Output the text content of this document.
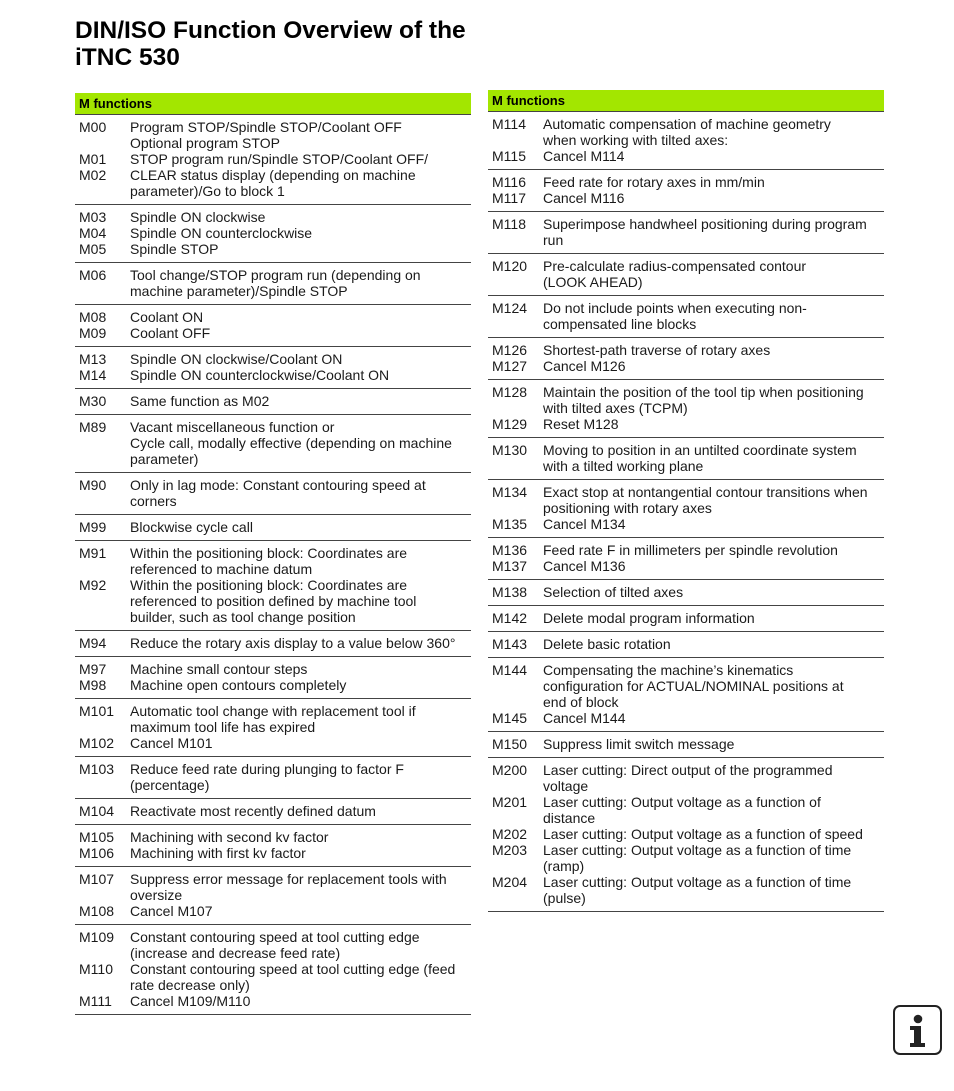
DIN/ISO Function Overview of the
iTNC 530
M functions
M00	Program STOP/Spindle STOP/Coolant OFF
Optional program STOP
M01	STOP program run/Spindle STOP/Coolant OFF/
M02	CLEAR status display (depending on machine
parameter)/Go to block 1
M03	Spindle ON clockwise
M04	Spindle ON counterclockwise
M05	Spindle STOP
M06	Tool change/STOP program run (depending on
machine parameter)/Spindle STOP
M08	Coolant ON
M09	Coolant OFF
M13	Spindle ON clockwise/Coolant ON
M14	Spindle ON counterclockwise/Coolant ON
M30	Same function as M02
M89	Vacant miscellaneous function or
Cycle call, modally effective (depending on machine
parameter)
M90	Only in lag mode: Constant contouring speed at
corners
M99	Blockwise cycle call
M91	Within the positioning block: Coordinates are
referenced to machine datum
M92	Within the positioning block: Coordinates are
referenced to position defined by machine tool
builder, such as tool change position
M94	Reduce the rotary axis display to a value below 360°
M97	Machine small contour steps
M98	Machine open contours completely
M101	Automatic tool change with replacement tool if
maximum tool life has expired
M102	Cancel M101
M103	Reduce feed rate during plunging to factor F
(percentage)
M104	Reactivate most recently defined datum
M105	Machining with second kv factor
M106	Machining with first kv factor
M107	Suppress error message for replacement tools with
oversize
M108	Cancel M107
M109	Constant contouring speed at tool cutting edge
(increase and decrease feed rate)
M110	Constant contouring speed at tool cutting edge (feed
rate decrease only)
M111	Cancel M109/M110
M functions
M114	Automatic compensation of machine geometry
when working with tilted axes:
M115	Cancel M114
M116	Feed rate for rotary axes in mm/min
M117	Cancel M116
M118	Superimpose handwheel positioning during program
run
M120	Pre-calculate radius-compensated contour
(LOOK AHEAD)
M124	Do not include points when executing non-
compensated line blocks
M126	Shortest-path traverse of rotary axes
M127	Cancel M126
M128	Maintain the position of the tool tip when positioning
with tilted axes (TCPM)
M129	Reset M128
M130	Moving to position in an untilted coordinate system
with a tilted working plane
M134	Exact stop at nontangential contour transitions when
positioning with rotary axes
M135	Cancel M134
M136	Feed rate F in millimeters per spindle revolution
M137	Cancel M136
M138	Selection of tilted axes
M142	Delete modal program information
M143	Delete basic rotation
M144	Compensating the machine’s kinematics
configuration for ACTUAL/NOMINAL positions at
end of block
M145	Cancel M144
M150	Suppress limit switch message
M200	Laser cutting: Direct output of the programmed
voltage
M201	Laser cutting: Output voltage as a function of
distance
M202	Laser cutting: Output voltage as a function of speed
M203	Laser cutting: Output voltage as a function of time
(ramp)
M204	Laser cutting: Output voltage as a function of time
(pulse)
